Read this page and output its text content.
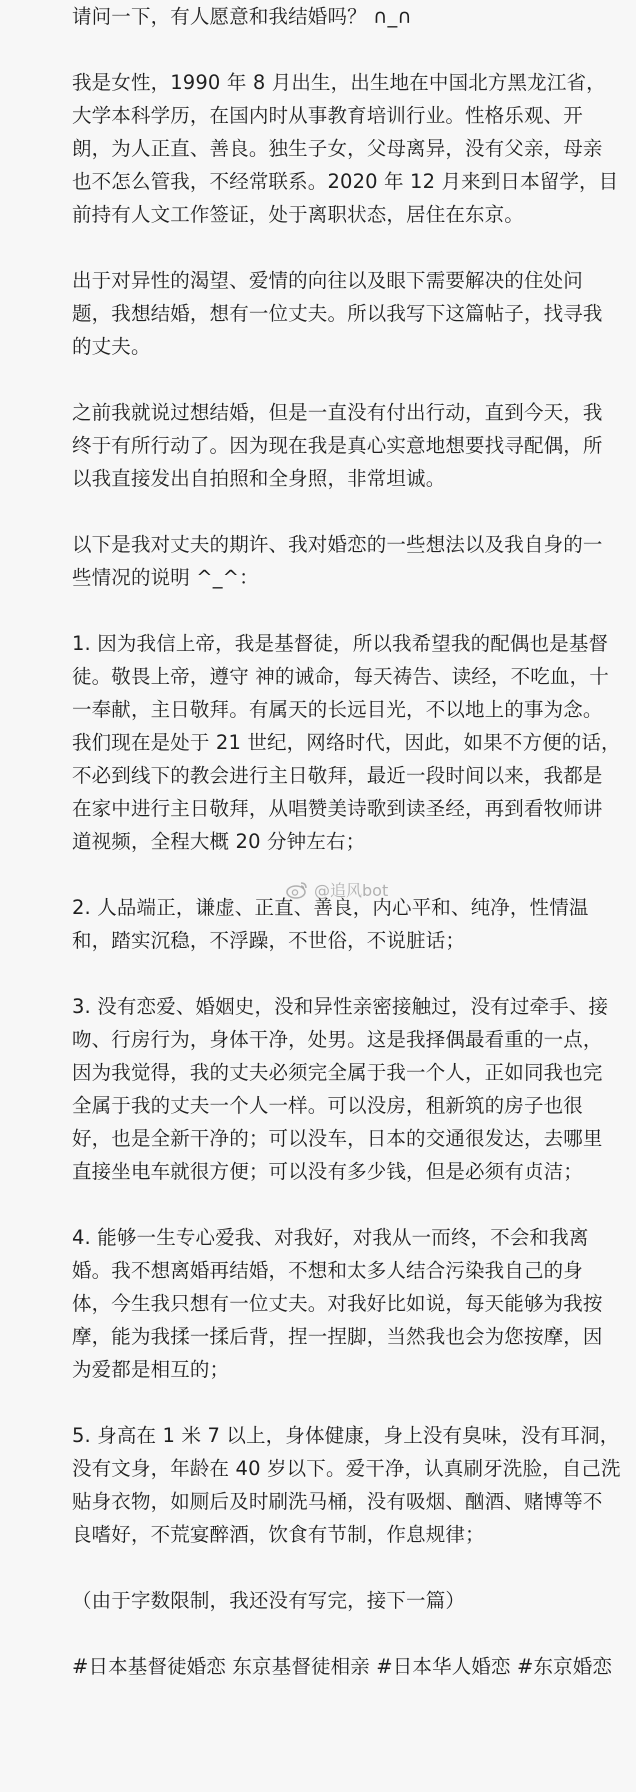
请问一下，有人愿意和我结婚吗？ ∩_∩

我是女性，1990 年 8 月出生，出生地在中国北方黑龙江省，大学本科学历，在国内时从事教育培训行业。性格乐观、开朗，为人正直、善良。独生子女，父母离异，没有父亲，母亲也不怎么管我，不经常联系。2020 年 12 月来到日本留学，目前持有人文工作签证，处于离职状态，居住在东京。

出于对异性的渴望、爱情的向往以及眼下需要解决的住处问题，我想结婚，想有一位丈夫。所以我写下这篇帖子，找寻我的丈夫。

之前我就说过想结婚，但是一直没有付出行动，直到今天，我终于有所行动了。因为现在我是真心实意地想要找寻配偶，所以我直接发出自拍照和全身照，非常坦诚。

以下是我对丈夫的期许、我对婚恋的一些想法以及我自身的一些情况的说明 ^_^：

1. 因为我信上帝，我是基督徒，所以我希望我的配偶也是基督徒。敬畏上帝，遵守 神的诫命，每天祷告、读经，不吃血，十一奉献，主日敬拜。有属天的长远目光，不以地上的事为念。我们现在是处于 21 世纪，网络时代，因此，如果不方便的话，不必到线下的教会进行主日敬拜，最近一段时间以来，我都是在家中进行主日敬拜，从唱赞美诗歌到读圣经，再到看牧师讲道视频，全程大概 20 分钟左右；

2. 人品端正，谦虚、正直、善良，内心平和、纯净，性情温和，踏实沉稳，不浮躁，不世俗，不说脏话；

3. 没有恋爱、婚姻史，没和异性亲密接触过，没有过牵手、接吻、行房行为，身体干净，处男。这是我择偶最看重的一点，因为我觉得，我的丈夫必须完全属于我一个人，正如同我也完全属于我的丈夫一个人一样。可以没房，租新筑的房子也很好，也是全新干净的；可以没车，日本的交通很发达，去哪里直接坐电车就很方便；可以没有多少钱，但是必须有贞洁；

4. 能够一生专心爱我、对我好，对我从一而终，不会和我离婚。我不想离婚再结婚，不想和太多人结合污染我自己的身体，今生我只想有一位丈夫。对我好比如说，每天能够为我按摩，能为我揉一揉后背，捏一捏脚，当然我也会为您按摩，因为爱都是相互的；

5. 身高在 1 米 7 以上，身体健康，身上没有臭味，没有耳洞，没有文身，年龄在 40 岁以下。爱干净，认真刷牙洗脸，自己洗贴身衣物，如厕后及时刷洗马桶，没有吸烟、酗酒、赌博等不良嗜好，不荒宴醉酒，饮食有节制，作息规律；

（由于字数限制，我还没有写完，接下一篇）

#日本基督徒婚恋 东京基督徒相亲 #日本华人婚恋 #东京婚恋

@追风bot
